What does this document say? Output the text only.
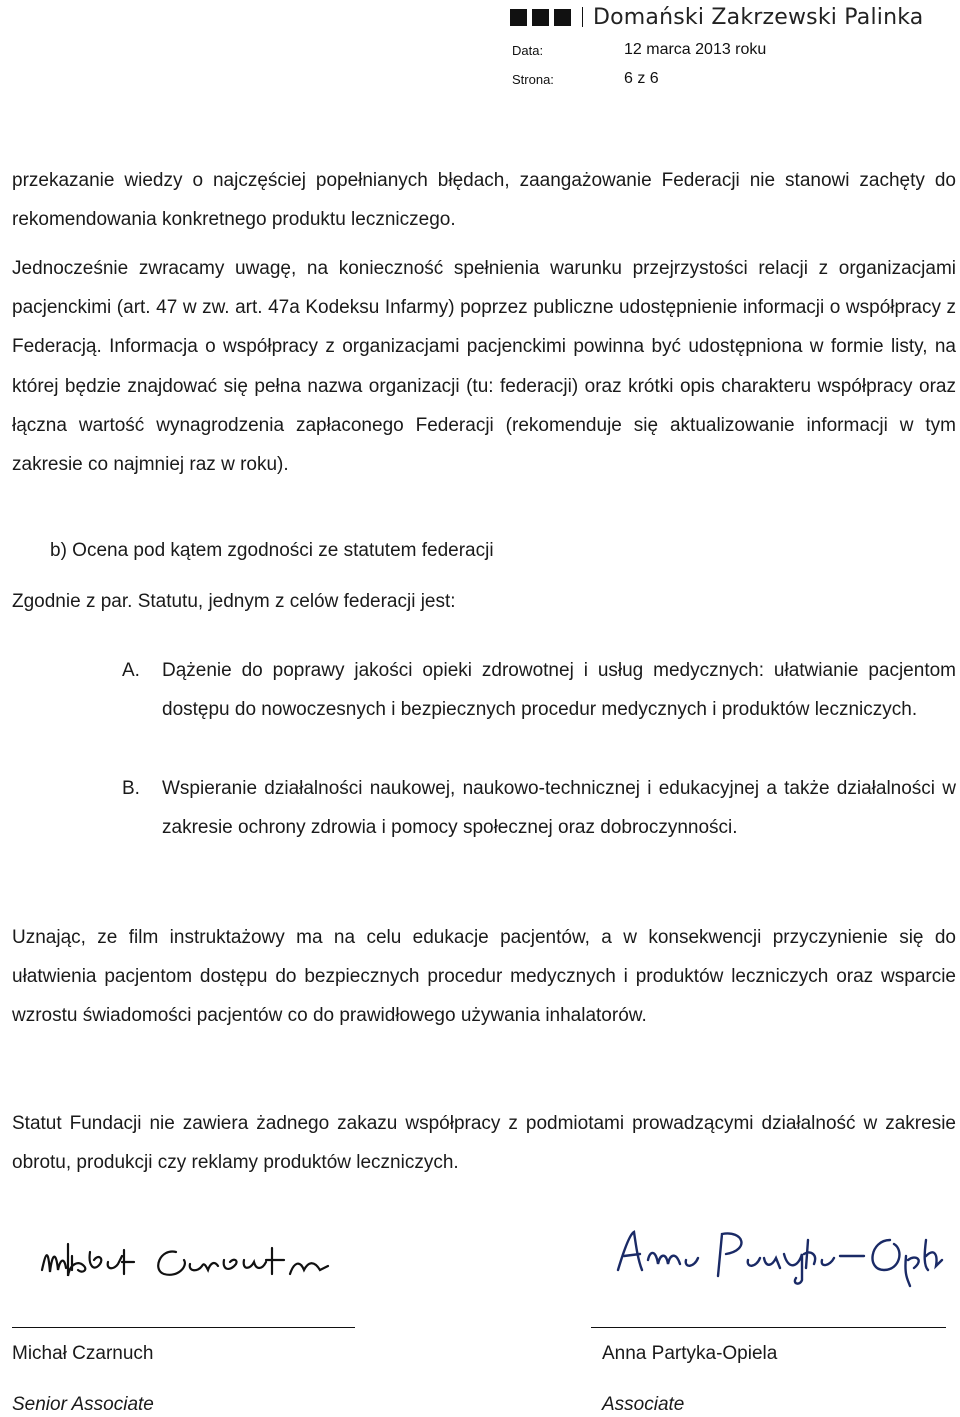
Domański Zakrzewski Palinka
Data:	12 marca 2013 roku
Strona:	6 z 6

przekazanie wiedzy o najczęściej popełnianych błędach, zaangażowanie Federacji nie stanowi zachęty do rekomendowania konkretnego produktu leczniczego.

Jednocześnie zwracamy uwagę, na konieczność spełnienia warunku przejrzystości relacji z organizacjami pacjenckimi (art. 47 w zw. art. 47a Kodeksu Infarmy) poprzez publiczne udostępnienie informacji o współpracy z Federacją. Informacja o współpracy z organizacjami pacjenckimi powinna być udostępniona w formie listy, na której będzie znajdować się pełna nazwa organizacji (tu: federacji) oraz krótki opis charakteru współpracy oraz łączna wartość wynagrodzenia zapłaconego Federacji (rekomenduje się aktualizowanie informacji w tym zakresie co najmniej raz w roku).

b) Ocena pod kątem zgodności ze statutem federacji

Zgodnie z par. Statutu, jednym z celów federacji jest:

A. Dążenie do poprawy jakości opieki zdrowotnej i usług medycznych: ułatwianie pacjentom dostępu do nowoczesnych i bezpiecznych procedur medycznych i produktów leczniczych.

B. Wspieranie działalności naukowej, naukowo-technicznej i edukacyjnej a także działalności w zakresie ochrony zdrowia i pomocy społecznej oraz dobroczynności.

Uznając, ze film instruktażowy ma na celu edukacje pacjentów, a w konsekwencji przyczynienie się do ułatwienia pacjentom dostępu do bezpiecznych procedur medycznych i produktów leczniczych oraz wsparcie wzrostu świadomości pacjentów co do prawidłowego używania inhalatorów.

Statut Fundacji nie zawiera żadnego zakazu współpracy z podmiotami prowadzącymi działalność w zakresie obrotu, produkcji czy reklamy produktów leczniczych.

Michał Czarnuch
Senior Associate
Anna Partyka-Opiela
Associate
